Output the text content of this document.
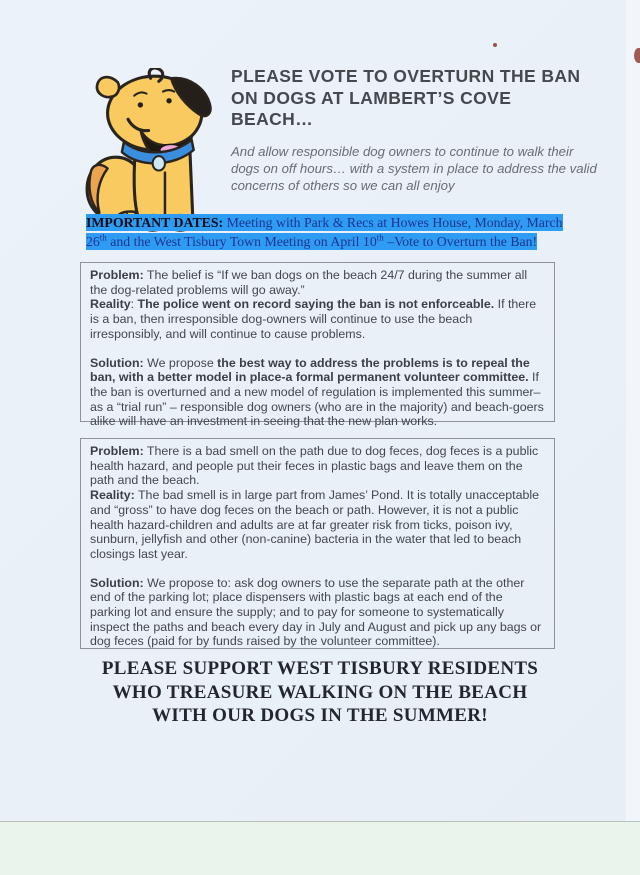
PLEASE VOTE TO OVERTURN THE BAN
ON DOGS AT LAMBERT’S COVE
BEACH…

And allow responsible dog owners to continue to walk their dogs on off hours… with a system in place to address the valid concerns of others so we can all enjoy

IMPORTANT DATES: Meeting with Park & Recs at Howes House, Monday, March 26th and the West Tisbury Town Meeting on April 10th –Vote to Overturn the Ban!

Problem: The belief is “If we ban dogs on the beach 24/7 during the summer all the dog-related problems will go away.”
Reality: The police went on record saying the ban is not enforceable. If there is a ban, then irresponsible dog-owners will continue to use the beach irresponsibly, and will continue to cause problems.

Solution: We propose the best way to address the problems is to repeal the ban, with a better model in place-a formal permanent volunteer committee. If the ban is overturned and a new model of regulation is implemented this summer– as a “trial run” – responsible dog owners (who are in the majority) and beach-goers alike will have an investment in seeing that the new plan works.

Problem: There is a bad smell on the path due to dog feces, dog feces is a public health hazard, and people put their feces in plastic bags and leave them on the path and the beach.
Reality: The bad smell is in large part from James’ Pond. It is totally unacceptable and “gross” to have dog feces on the beach or path. However, it is not a public health hazard-children and adults are at far greater risk from ticks, poison ivy, sunburn, jellyfish and other (non-canine) bacteria in the water that led to beach closings last year.

Solution: We propose to: ask dog owners to use the separate path at the other end of the parking lot; place dispensers with plastic bags at each end of the parking lot and ensure the supply; and to pay for someone to systematically inspect the paths and beach every day in July and August and pick up any bags or dog feces (paid for by funds raised by the volunteer committee).

PLEASE SUPPORT WEST TISBURY RESIDENTS
WHO TREASURE WALKING ON THE BEACH
WITH OUR DOGS IN THE SUMMER!
